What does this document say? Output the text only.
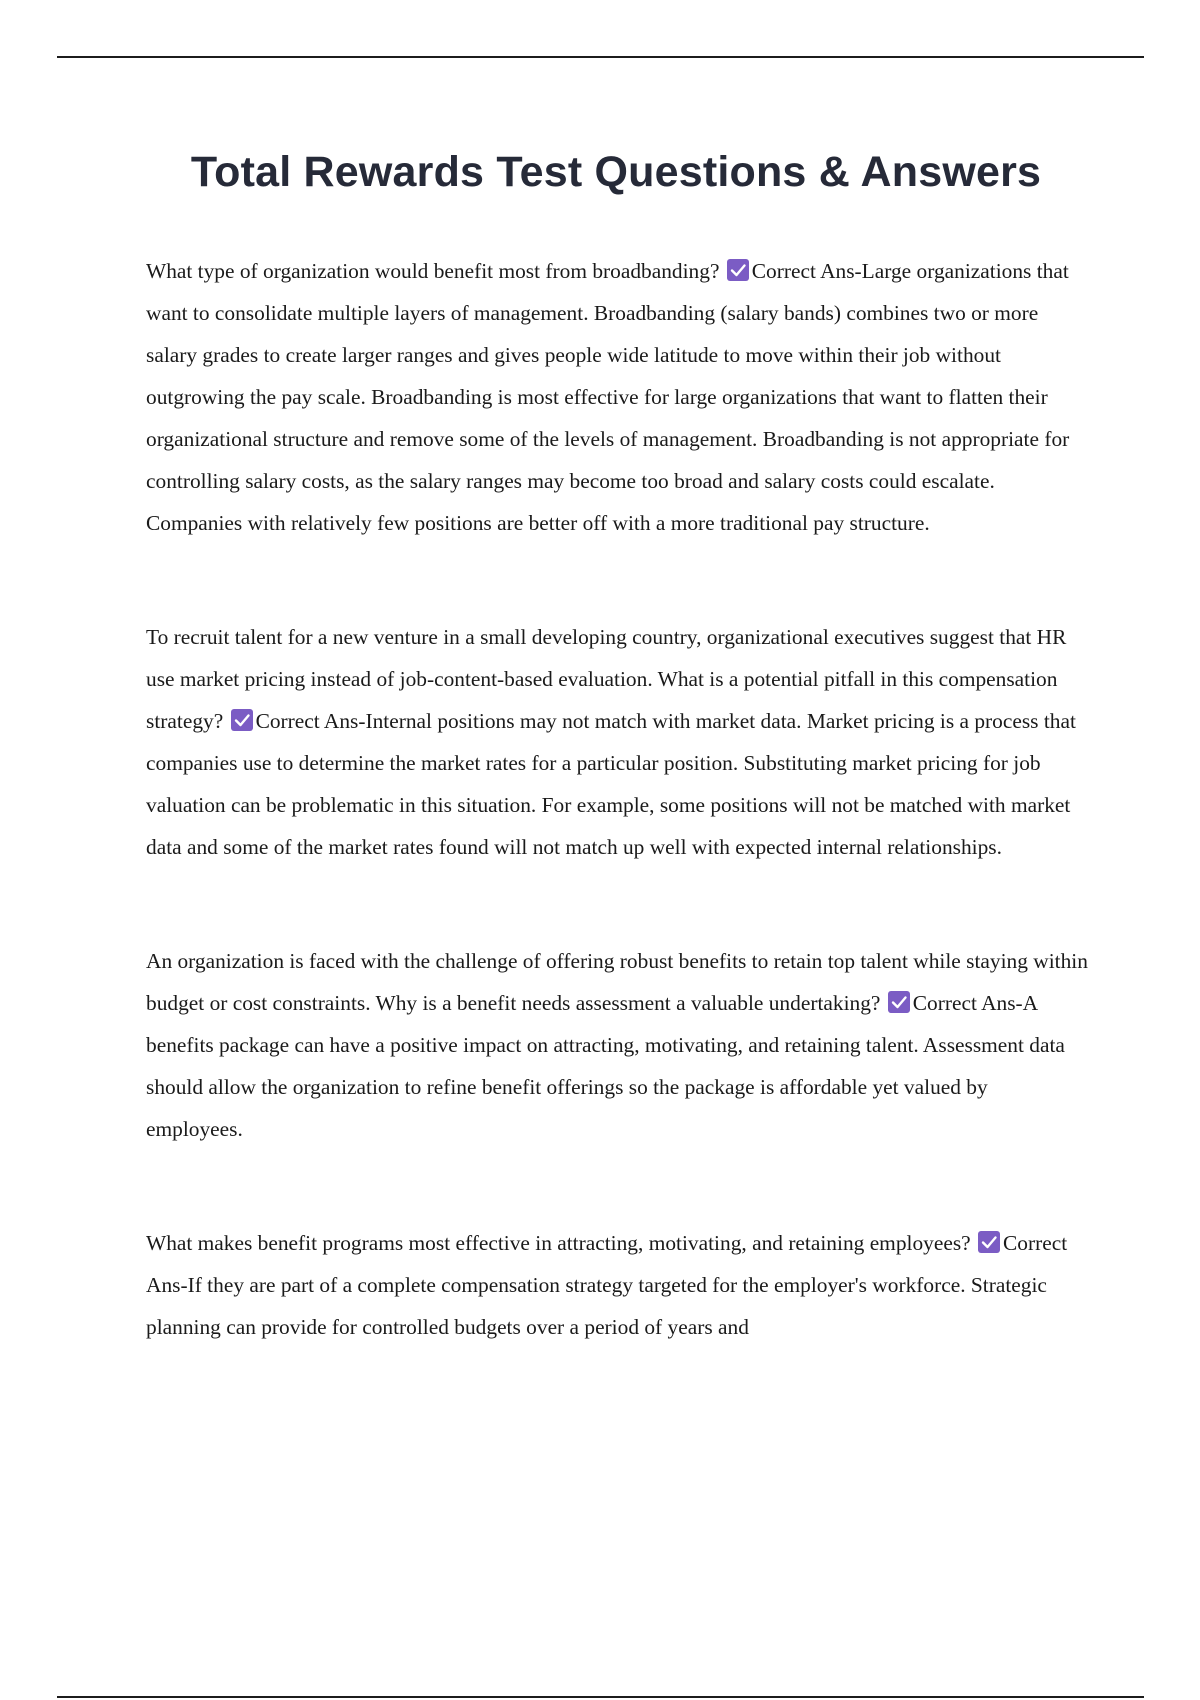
Total Rewards Test Questions & Answers

What type of organization would benefit most from broadbanding?
Correct Ans-Large organizations that want to consolidate multiple layers of management. Broadbanding (salary bands) combines two or more salary grades to create larger ranges and gives people wide latitude to move within their job without outgrowing the pay scale. Broadbanding is most effective for large organizations that want to flatten their organizational structure and remove some of the levels of management. Broadbanding is not appropriate for controlling salary costs, as the salary ranges may become too broad and salary costs could escalate. Companies with relatively few positions are better off with a more traditional pay structure.

To recruit talent for a new venture in a small developing country, organizational executives suggest that HR use market pricing instead of job-content-based evaluation. What is a potential pitfall in this compensation strategy?
Correct Ans-Internal positions may not match with market data. Market pricing is a process that companies use to determine the market rates for a particular position. Substituting market pricing for job valuation can be problematic in this situation. For example, some positions will not be matched with market data and some of the market rates found will not match up well with expected internal relationships.

An organization is faced with the challenge of offering robust benefits to retain top talent while staying within budget or cost constraints. Why is a benefit needs assessment a valuable undertaking?
Correct Ans-A benefits package can have a positive impact on attracting, motivating, and retaining talent. Assessment data should allow the organization to refine benefit offerings so the package is affordable yet valued by employees.

What makes benefit programs most effective in attracting, motivating, and retaining employees?
Correct Ans-If they are part of a complete compensation strategy targeted for the employer's workforce. Strategic planning can provide for controlled budgets over a period of years and
